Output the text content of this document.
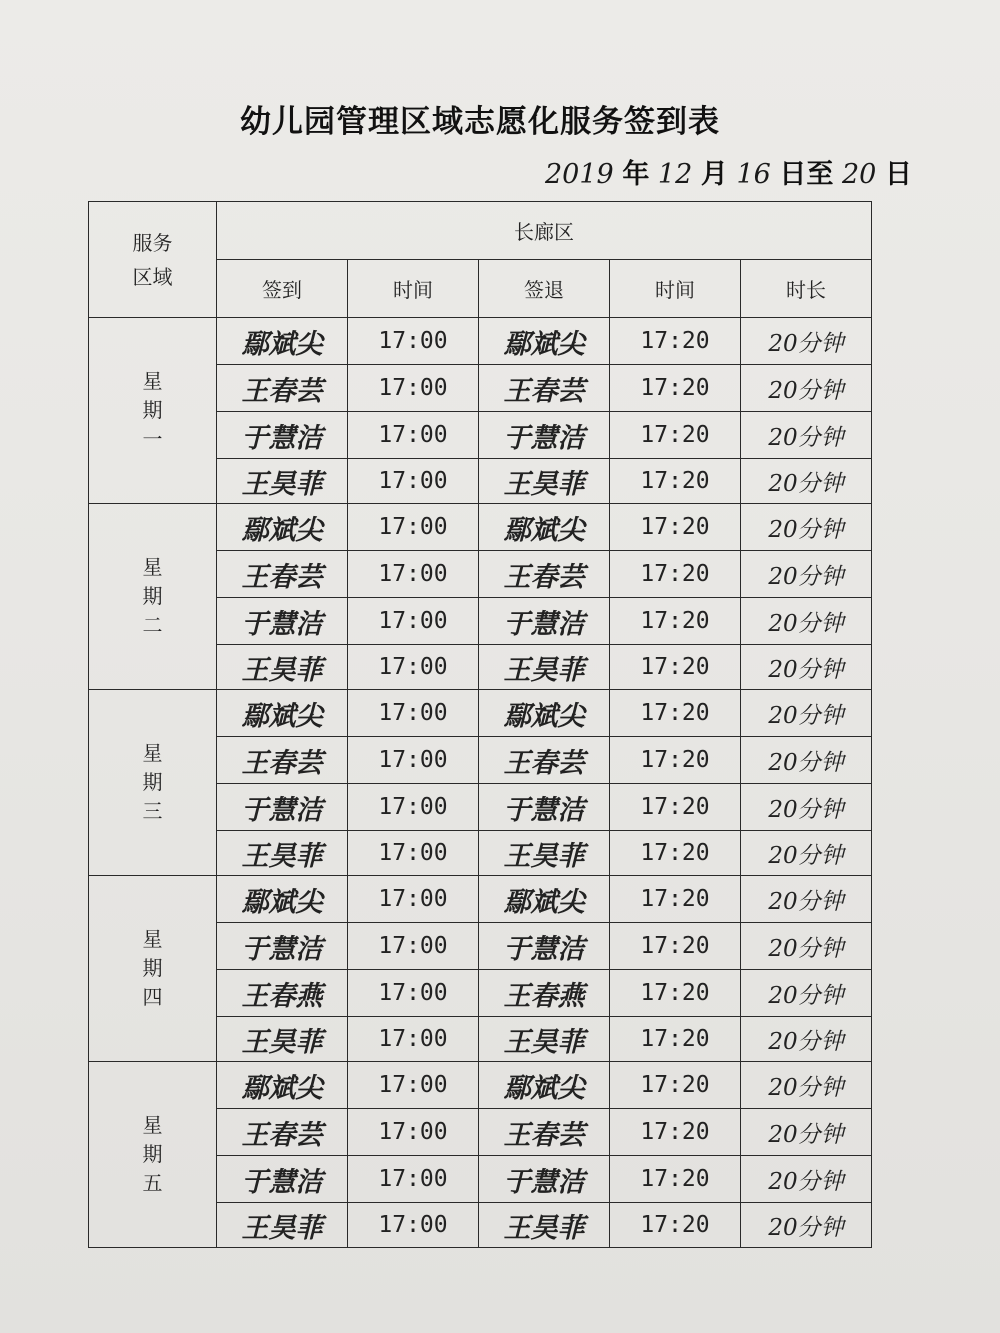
幼儿园管理区域志愿化服务签到表
2019 年 12 月 16 日至 20 日
服务
区域	长廊区				
	签到	时间	签退	时间	时长

星
期
一	鄢斌尖	17:00	鄢斌尖	17:20	20分钟
	王春芸	17:00	王春芸	17:20	20分钟
	于慧洁	17:00	于慧洁	17:20	20分钟
	王昊菲	17:00	王昊菲	17:20	20分钟

星
期
二	鄢斌尖	17:00	鄢斌尖	17:20	20分钟
	王春芸	17:00	王春芸	17:20	20分钟
	于慧洁	17:00	于慧洁	17:20	20分钟
	王昊菲	17:00	王昊菲	17:20	20分钟

星
期
三	鄢斌尖	17:00	鄢斌尖	17:20	20分钟
	王春芸	17:00	王春芸	17:20	20分钟
	于慧洁	17:00	于慧洁	17:20	20分钟
	王昊菲	17:00	王昊菲	17:20	20分钟

星
期
四	鄢斌尖	17:00	鄢斌尖	17:20	20分钟
	于慧洁	17:00	于慧洁	17:20	20分钟
	王春燕	17:00	王春燕	17:20	20分钟
	王昊菲	17:00	王昊菲	17:20	20分钟

星
期
五	鄢斌尖	17:00	鄢斌尖	17:20	20分钟
	王春芸	17:00	王春芸	17:20	20分钟
	于慧洁	17:00	于慧洁	17:20	20分钟
	王昊菲	17:00	王昊菲	17:20	20分钟
